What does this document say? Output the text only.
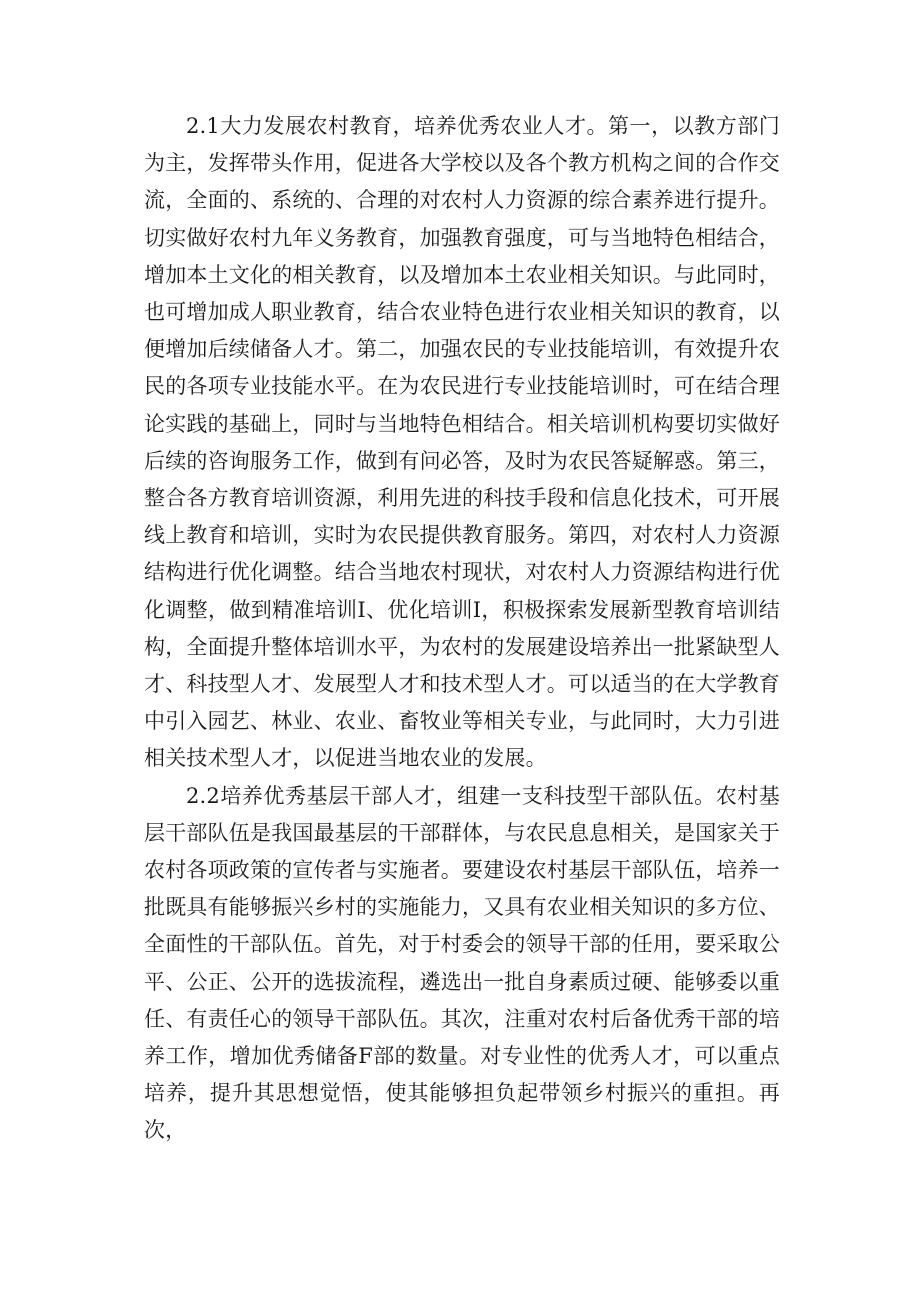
2.1大力发展农村教育，培养优秀农业人才。第一，以教方部门为主，发挥带头作用，促进各大学校以及各个教方机构之间的合作交流，全面的、系统的、合理的对农村人力资源的综合素养进行提升。切实做好农村九年义务教育，加强教育强度，可与当地特色相结合，增加本土文化的相关教育，以及增加本土农业相关知识。与此同时，也可增加成人职业教育，结合农业特色进行农业相关知识的教育，以便增加后续储备人才。第二，加强农民的专业技能培训，有效提升农民的各项专业技能水平。在为农民进行专业技能培训时，可在结合理论实践的基础上，同时与当地特色相结合。相关培训机构要切实做好后续的咨询服务工作，做到有问必答，及时为农民答疑解惑。第三，整合各方教育培训资源，利用先进的科技手段和信息化技术，可开展线上教育和培训，实时为农民提供教育服务。第四，对农村人力资源结构进行优化调整。结合当地农村现状，对农村人力资源结构进行优化调整，做到精准培训I、优化培训I，积极探索发展新型教育培训结构，全面提升整体培训水平，为农村的发展建设培养出一批紧缺型人才、科技型人才、发展型人才和技术型人才。可以适当的在大学教育中引入园艺、林业、农业、畜牧业等相关专业，与此同时，大力引进相关技术型人才，以促进当地农业的发展。

2.2培养优秀基层干部人才，组建一支科技型干部队伍。农村基层干部队伍是我国最基层的干部群体，与农民息息相关，是国家关于农村各项政策的宣传者与实施者。要建设农村基层干部队伍，培养一批既具有能够振兴乡村的实施能力，又具有农业相关知识的多方位、全面性的干部队伍。首先，对于村委会的领导干部的任用，要采取公平、公正、公开的选拔流程，遴选出一批自身素质过硬、能够委以重任、有责任心的领导干部队伍。其次，注重对农村后备优秀干部的培养工作，增加优秀储备F部的数量。对专业性的优秀人才，可以重点培养，提升其思想觉悟，使其能够担负起带领乡村振兴的重担。再次，
